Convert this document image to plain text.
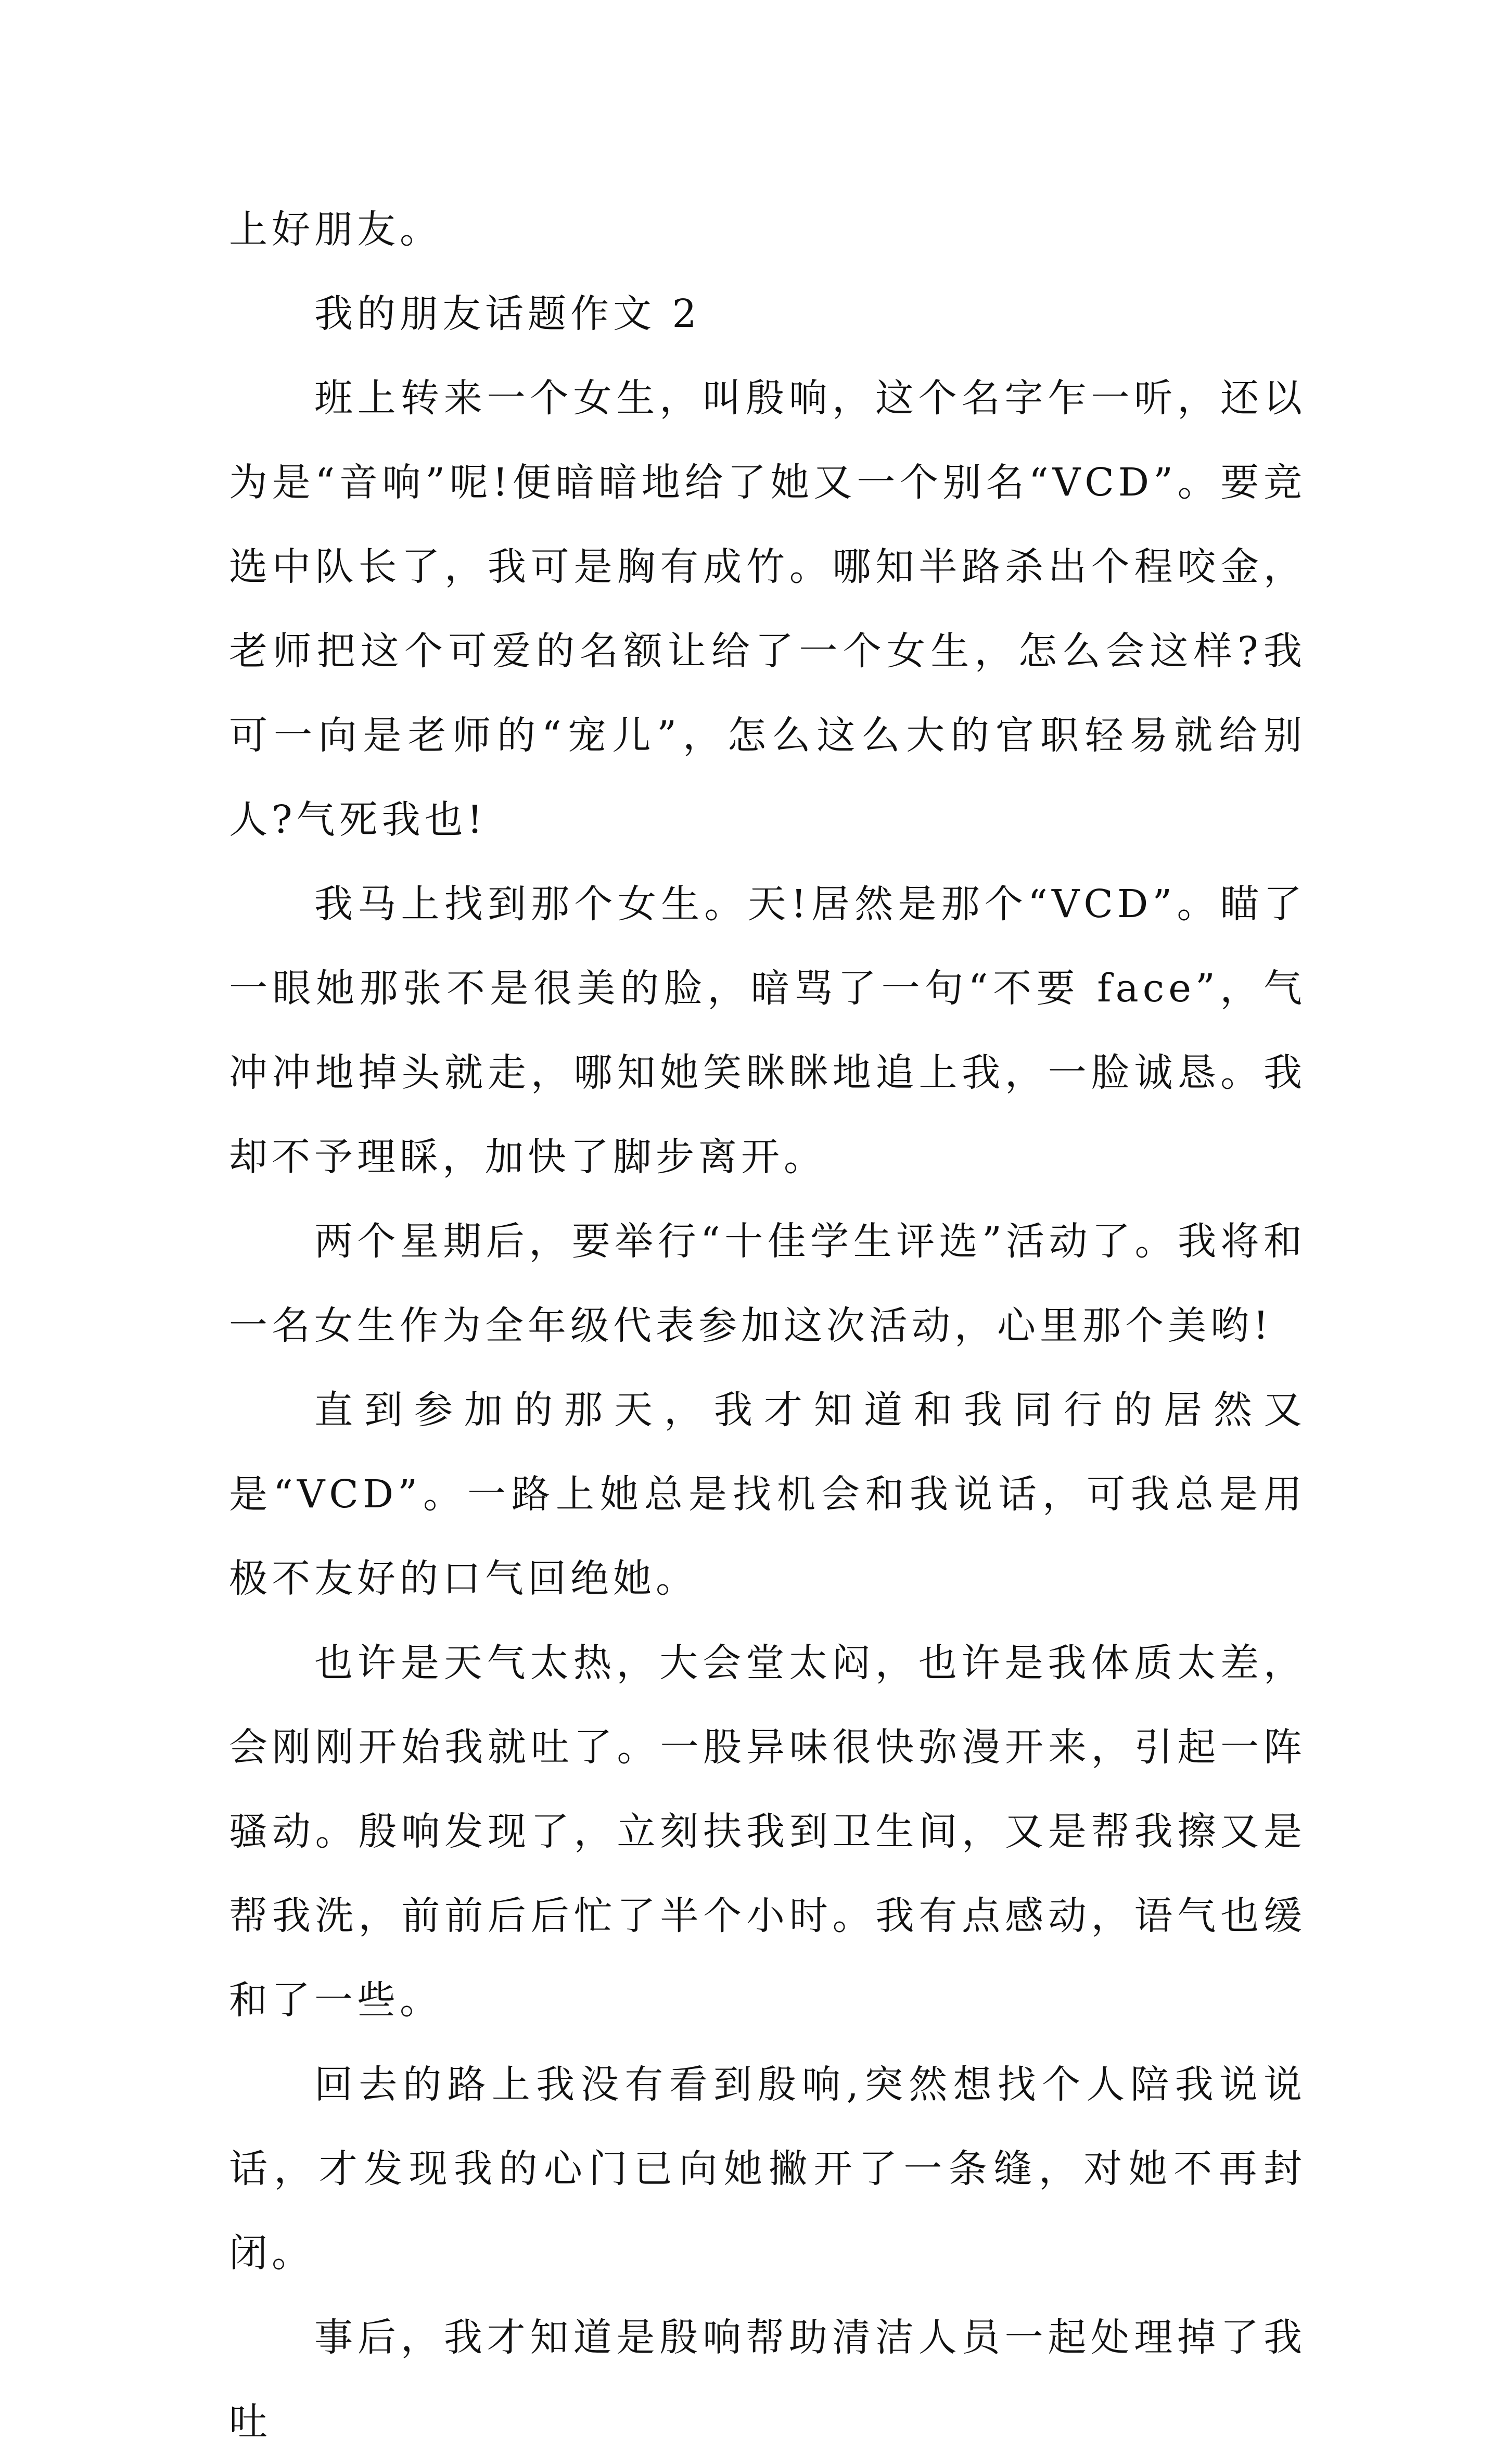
上好朋友。

我的朋友话题作文 2

班上转来一个女生，叫殷响，这个名字乍一听，还以为是“音响”呢!便暗暗地给了她又一个别名“VCD”。要竞选中队长了，我可是胸有成竹。哪知半路杀出个程咬金，老师把这个可爱的名额让给了一个女生，怎么会这样?我可一向是老师的“宠儿”，怎么这么大的官职轻易就给别人?气死我也!

我马上找到那个女生。天!居然是那个“VCD”。瞄了一眼她那张不是很美的脸，暗骂了一句“不要 face”，气冲冲地掉头就走，哪知她笑眯眯地追上我，一脸诚恳。我却不予理睬，加快了脚步离开。

两个星期后，要举行“十佳学生评选”活动了。我将和一名女生作为全年级代表参加这次活动，心里那个美哟!

直到参加的那天，我才知道和我同行的居然又是“VCD”。一路上她总是找机会和我说话，可我总是用极不友好的口气回绝她。

也许是天气太热，大会堂太闷，也许是我体质太差，会刚刚开始我就吐了。一股异味很快弥漫开来，引起一阵骚动。殷响发现了，立刻扶我到卫生间，又是帮我擦又是帮我洗，前前后后忙了半个小时。我有点感动，语气也缓和了一些。

回去的路上我没有看到殷响,突然想找个人陪我说说话，才发现我的心门已向她撇开了一条缝，对她不再封闭。

事后，我才知道是殷响帮助清洁人员一起处理掉了我吐
